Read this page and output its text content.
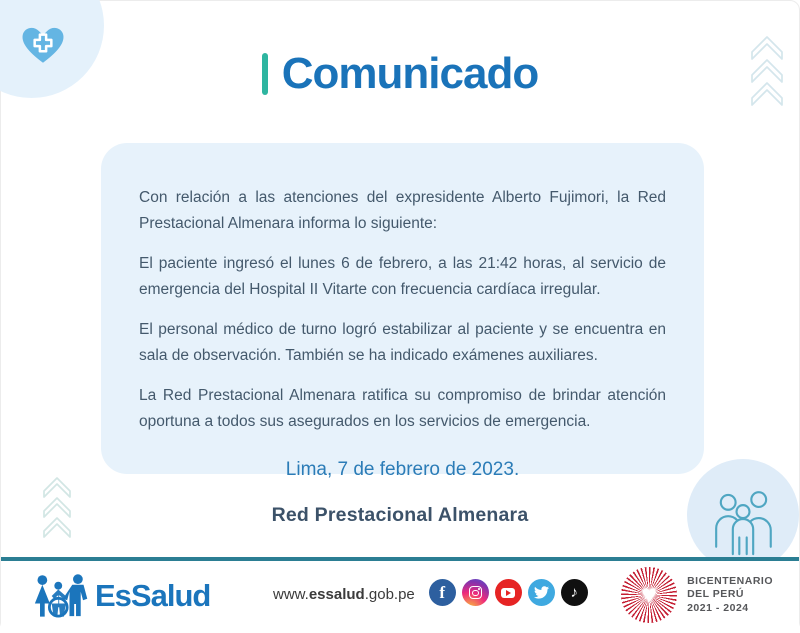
Comunicado

Con relación a las atenciones del expresidente Alberto Fujimori, la Red Prestacional Almenara informa lo siguiente:

El paciente ingresó el lunes 6 de febrero, a las 21:42 horas, al servicio de emergencia del Hospital II Vitarte con frecuencia cardíaca irregular.

El personal médico de turno logró estabilizar al paciente y se encuentra en sala de observación. También se ha indicado exámenes auxiliares.

La Red Prestacional Almenara ratifica su compromiso de brindar atención oportuna a todos sus asegurados en los servicios de emergencia.

Lima, 7 de febrero de 2023.
Red Prestacional Almenara
EsSalud	www.essalud.gob.pe	f	♪	♥	BICENTENARIO
DEL PERÚ
2021 - 2024
